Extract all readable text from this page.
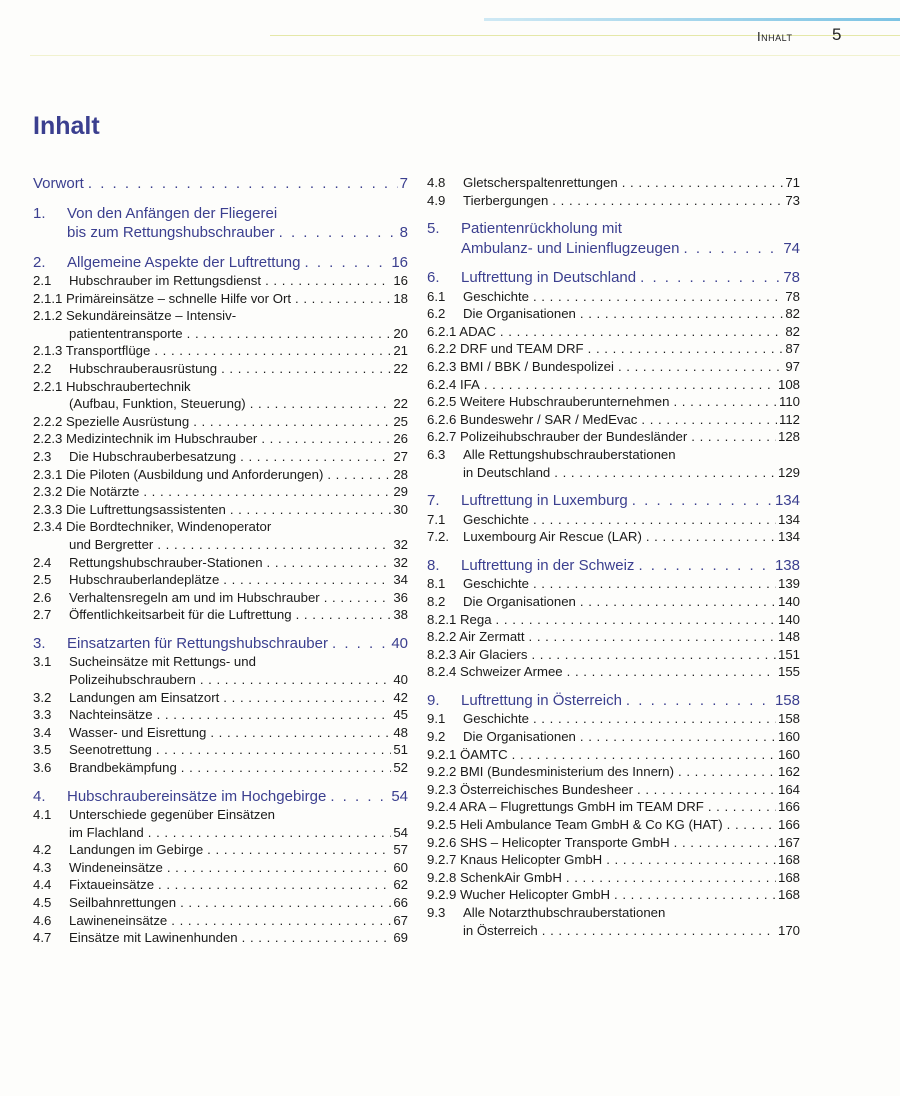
Inhalt 5
Inhalt
Vorwort . . .	7
1.	Von den Anfängen der Fliegerei
bis zum Rettungshubschrauber . . .	8
2.	Allgemeine Aspekte der Luftrettung . . .	16
2.1	Hubschrauber im Rettungsdienst . . .	16
2.1.1 Primäreinsätze – schnelle Hilfe vor Ort . . .	18
2.1.2 Sekundäreinsätze – Intensiv-
patiententransporte . . .	20
2.1.3 Transportflüge . . .	21
2.2	Hubschrauberausrüstung . . .	22
2.2.1 Hubschraubertechnik
(Aufbau, Funktion, Steuerung) . . .	22
2.2.2 Spezielle Ausrüstung . . .	25
2.2.3 Medizintechnik im Hubschrauber . . .	26
2.3	Die Hubschrauberbesatzung . . .	27
2.3.1 Die Piloten (Ausbildung und Anforderungen) . . .	28
2.3.2 Die Notärzte . . .	29
2.3.3 Die Luftrettungsassistenten . . .	30
2.3.4 Die Bordtechniker, Windenoperator
und Bergretter . . .	32
2.4	Rettungshubschrauber-Stationen . . .	32
2.5	Hubschrauberlandeplätze . . .	34
2.6	Verhaltensregeln am und im Hubschrauber . . .	36
2.7	Öffentlichkeitsarbeit für die Luftrettung . . .	38
3.	Einsatzarten für Rettungshubschrauber . . .	40
3.1	Sucheinsätze mit Rettungs- und
Polizeihubschraubern . . .	40
3.2	Landungen am Einsatzort . . .	42
3.3	Nachteinsätze . . .	45
3.4	Wasser- und Eisrettung . . .	48
3.5	Seenotrettung . . .	51
3.6	Brandbekämpfung . . .	52
4.	Hubschraubereinsätze im Hochgebirge . . .	54
4.1	Unterschiede gegenüber Einsätzen
im Flachland . . .	54
4.2	Landungen im Gebirge . . .	57
4.3	Windeneinsätze . . .	60
4.4	Fixtaueinsätze . . .	62
4.5	Seilbahnrettungen . . .	66
4.6	Lawineneinsätze . . .	67
4.7	Einsätze mit Lawinenhunden . . .	69
4.8	Gletscherspaltenrettungen . . .	71
4.9	Tierbergungen . . .	73
5.	Patientenrückholung mit
Ambulanz- und Linienflugzeugen . . .	74
6.	Luftrettung in Deutschland . . .	78
6.1	Geschichte . . .	78
6.2	Die Organisationen . . .	82
6.2.1 ADAC . . .	82
6.2.2 DRF und TEAM DRF . . .	87
6.2.3 BMI / BBK / Bundespolizei . . .	97
6.2.4 IFA . . .	108
6.2.5 Weitere Hubschrauberunternehmen . . .	110
6.2.6 Bundeswehr / SAR / MedEvac . . .	112
6.2.7 Polizeihubschrauber der Bundesländer . . .	128
6.3	Alle Rettungshubschrauberstationen
in Deutschland . . .	129
7.	Luftrettung in Luxemburg . . .	134
7.1	Geschichte . . .	134
7.2.	Luxembourg Air Rescue (LAR) . . .	134
8.	Luftrettung in der Schweiz . . .	138
8.1	Geschichte . . .	139
8.2	Die Organisationen . . .	140
8.2.1 Rega . . .	140
8.2.2 Air Zermatt . . .	148
8.2.3 Air Glaciers . . .	151
8.2.4 Schweizer Armee . . .	155
9.	Luftrettung in Österreich . . .	158
9.1	Geschichte . . .	158
9.2	Die Organisationen . . .	160
9.2.1 ÖAMTC . . .	160
9.2.2 BMI (Bundesministerium des Innern) . . .	162
9.2.3 Österreichisches Bundesheer . . .	164
9.2.4 ARA – Flugrettungs GmbH im TEAM DRF . . .	166
9.2.5 Heli Ambulance Team GmbH & Co KG (HAT) . . .	166
9.2.6 SHS – Helicopter Transporte GmbH . . .	167
9.2.7 Knaus Helicopter GmbH . . .	168
9.2.8 SchenkAir GmbH . . .	168
9.2.9 Wucher Helicopter GmbH . . .	168
9.3	Alle Notarzthubschrauberstationen
in Österreich . . .	170
